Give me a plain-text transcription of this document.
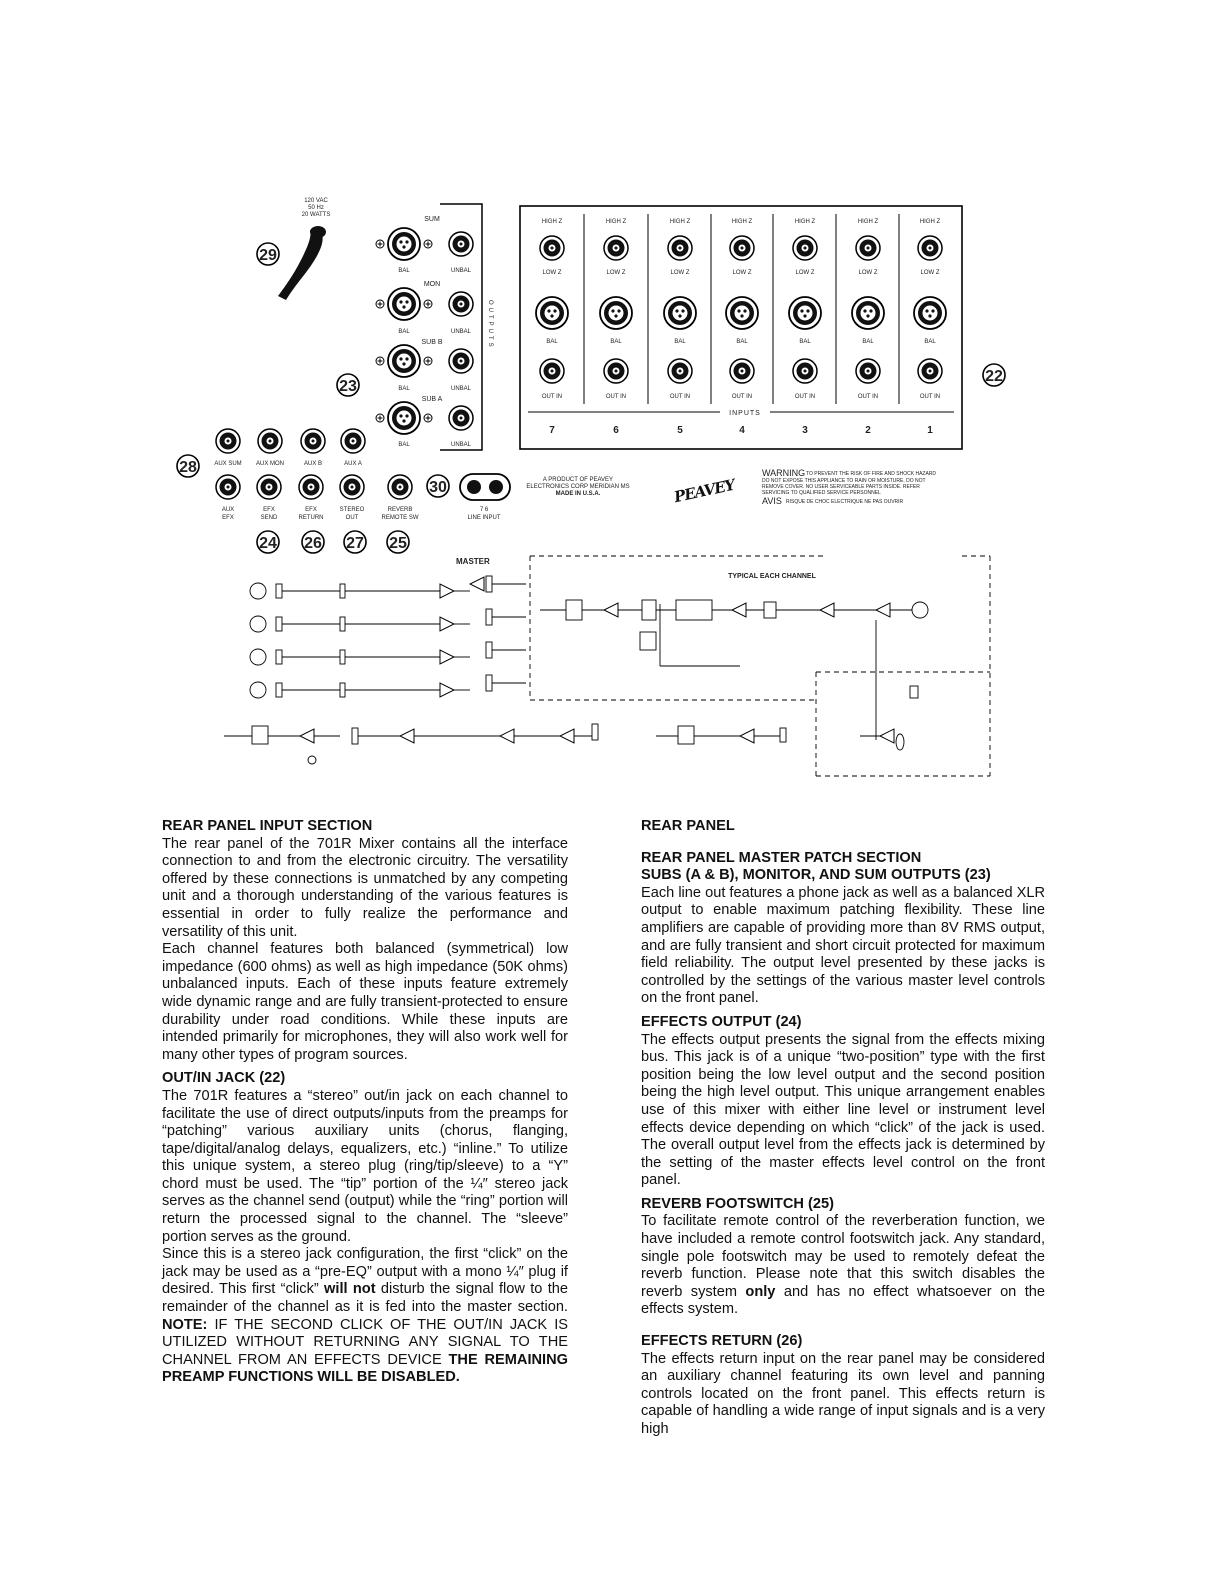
120 VAC
50 Hz
20 WATTS
29
SUM
MON
SUB B
SUB A
BAL	UNBAL
BAL	UNBAL
BAL	UNBAL
BAL	UNBAL
OUTPUTS
23
INPUTS
HIGH Z
LOW Z
BAL
OUT IN
7
HIGH Z
LOW Z
BAL
OUT IN
6
HIGH Z
LOW Z
BAL
OUT IN
5
HIGH Z
LOW Z
BAL
OUT IN
4
HIGH Z
LOW Z
BAL
OUT IN
3
HIGH Z
LOW Z
BAL
OUT IN
2
HIGH Z
LOW Z
BAL
OUT IN
1
22
AUX SUM AUX MON	AUX B	AUX A
AUX
EFX
EFX
SEND
EFX
RETURN
STEREO
OUT
REVERB
REMOTE SW
7 6
LINE INPUT
28
30
24 26 27 25
A PRODUCT OF PEAVEY
ELECTRONICS CORP MERIDIAN MS
MADE IN U.S.A.	PEAVEY
WARNING TO PREVENT THE RISK OF FIRE AND SHOCK HAZARD
DO NOT EXPOSE THIS APPLIANCE TO RAIN OR MOISTURE. DO NOT
REMOVE COVER. NO USER SERVICEABLE PARTS INSIDE. REFER
SERVICING TO QUALIFIED SERVICE PERSONNEL
AVIS RISQUE DE CHOC ELECTRIQUE NE PAS OUVRIR
MASTER
TYPICAL EACH CHANNEL
REAR PANEL INPUT SECTION

The rear panel of the 701R Mixer contains all the interface connection to and from the electronic circuitry. The versatility offered by these connections is unmatched by any competing unit and a thorough understanding of the various features is essential in order to fully realize the performance and versatility of this unit.

Each channel features both balanced (symmetrical) low impedance (600 ohms) as well as high impedance (50K ohms) unbalanced inputs. Each of these inputs feature extremely wide dynamic range and are fully transient-protected to ensure durability under road conditions. While these inputs are intended primarily for microphones, they will also work well for many other types of program sources.

OUT/IN JACK (22)

The 701R features a “stereo” out/in jack on each channel to facilitate the use of direct outputs/inputs from the preamps for “patching” various auxiliary units (chorus, flanging, tape/digital/analog delays, equalizers, etc.) “inline.” To utilize this unique system, a stereo plug (ring/tip/sleeve) to a “Y” chord must be used. The “tip” portion of the ¼″ stereo jack serves as the channel send (output) while the “ring” portion will return the processed signal to the channel. The “sleeve” portion serves as the ground.

Since this is a stereo jack configuration, the first “click” on the jack may be used as a “pre-EQ” output with a mono ¼″ plug if desired. This first “click” will not disturb the signal flow to the remainder of the channel as it is fed into the master section. NOTE: IF THE SECOND CLICK OF THE OUT/IN JACK IS UTILIZED WITHOUT RETURNING ANY SIGNAL TO THE CHANNEL FROM AN EFFECTS DEVICE THE REMAINING PREAMP FUNCTIONS WILL BE DISABLED.

REAR PANEL
REAR PANEL MASTER PATCH SECTION
SUBS (A & B), MONITOR, AND SUM OUTPUTS (23)

Each line out features a phone jack as well as a balanced XLR output to enable maximum patching flexibility. These line amplifiers are capable of providing more than 8V RMS output, and are fully transient and short circuit protected for maximum field reliability. The output level presented by these jacks is controlled by the settings of the various master level controls on the front panel.

EFFECTS OUTPUT (24)

The effects output presents the signal from the effects mixing bus. This jack is of a unique “two-position” type with the first position being the low level output and the second position being the high level output. This unique arrangement enables use of this mixer with either line level or instrument level effects device depending on which “click” of the jack is used. The overall output level from the effects jack is determined by the setting of the master effects level control on the front panel.

REVERB FOOTSWITCH (25)

To facilitate remote control of the reverberation function, we have included a remote control footswitch jack. Any standard, single pole footswitch may be used to remotely defeat the reverb function. Please note that this switch disables the reverb system only and has no effect whatsoever on the effects system.

EFFECTS RETURN (26)

The effects return input on the rear panel may be considered an auxiliary channel featuring its own level and panning controls located on the front panel. This effects return is capable of handling a wide range of input signals and is a very high
